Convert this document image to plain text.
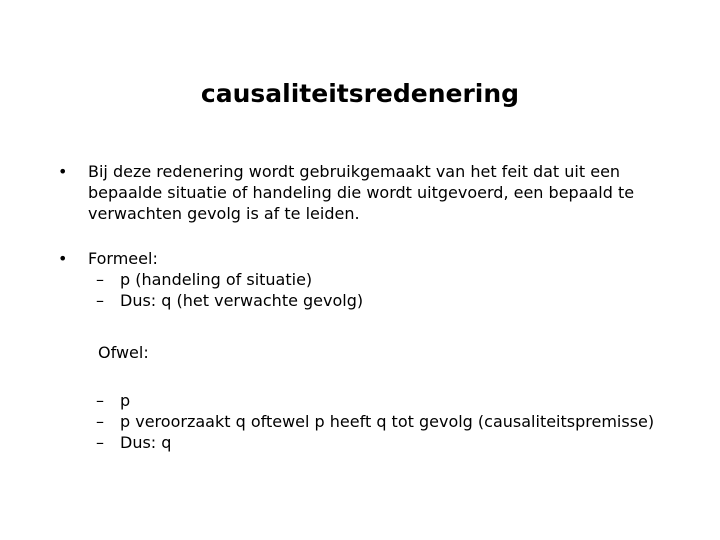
causaliteitsredenering
• Bij deze redenering wordt gebruikgemaakt van het feit dat uit een bepaalde situatie of handeling die wordt uitgevoerd, een bepaald te verwachten gevolg is af te leiden.
• Formeel:
– p (handeling of situatie)
– Dus: q (het verwachte gevolg)
Ofwel:
– p
– p veroorzaakt q oftewel p heeft q tot gevolg (causaliteitspremisse)
– Dus: q
